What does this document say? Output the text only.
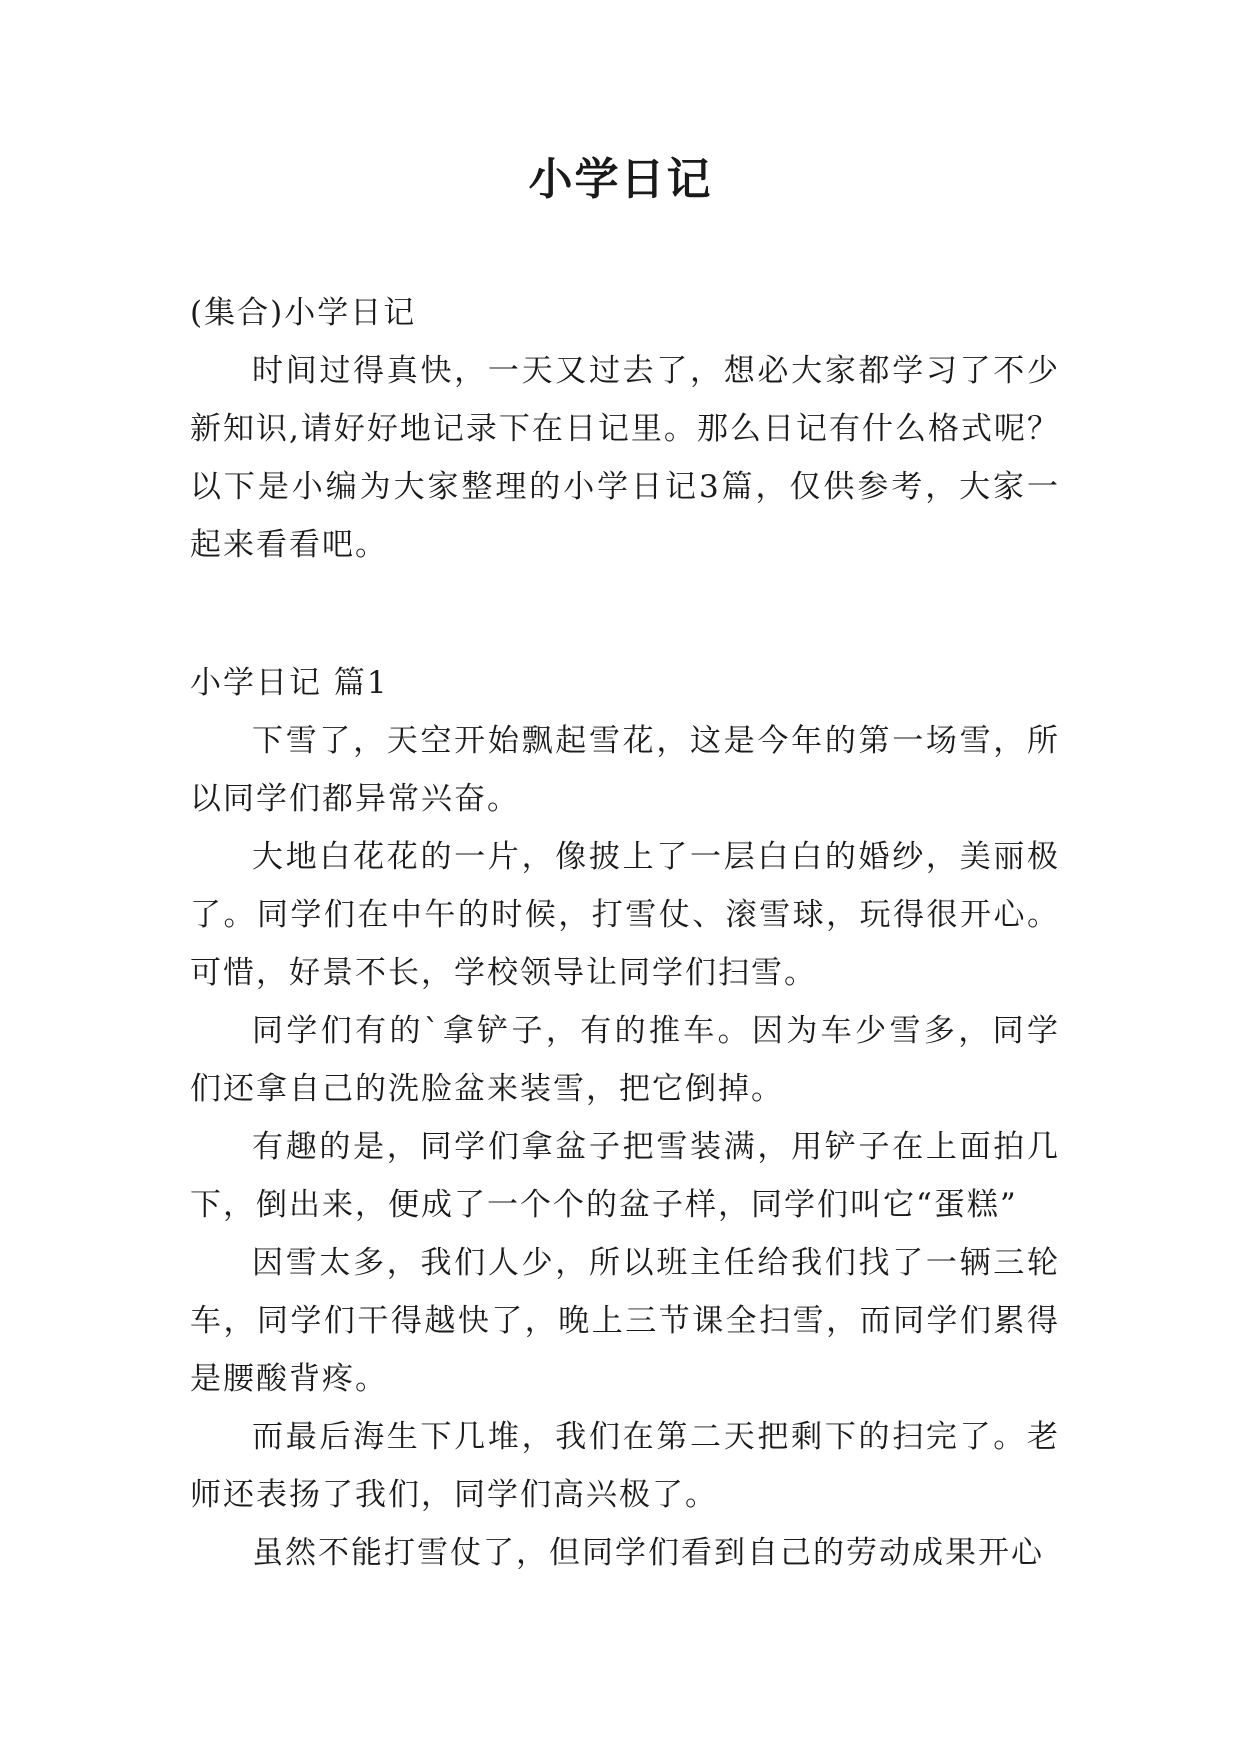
小学日记

(集合)小学日记

时间过得真快，一天又过去了，想必大家都学习了不少新知识,请好好地记录下在日记里。那么日记有什么格式呢？以下是小编为大家整理的小学日记3篇，仅供参考，大家一起来看看吧。

小学日记 篇1

下雪了，天空开始飘起雪花，这是今年的第一场雪，所以同学们都异常兴奋。

大地白花花的一片，像披上了一层白白的婚纱，美丽极了。同学们在中午的时候，打雪仗、滚雪球，玩得很开心。可惜，好景不长，学校领导让同学们扫雪。

同学们有的`拿铲子，有的推车。因为车少雪多，同学们还拿自己的洗脸盆来装雪，把它倒掉。

有趣的是，同学们拿盆子把雪装满，用铲子在上面拍几下，倒出来，便成了一个个的盆子样，同学们叫它“蛋糕”

因雪太多，我们人少，所以班主任给我们找了一辆三轮车，同学们干得越快了，晚上三节课全扫雪，而同学们累得是腰酸背疼。

而最后海生下几堆，我们在第二天把剩下的扫完了。老师还表扬了我们，同学们高兴极了。

虽然不能打雪仗了，但同学们看到自己的劳动成果开心
